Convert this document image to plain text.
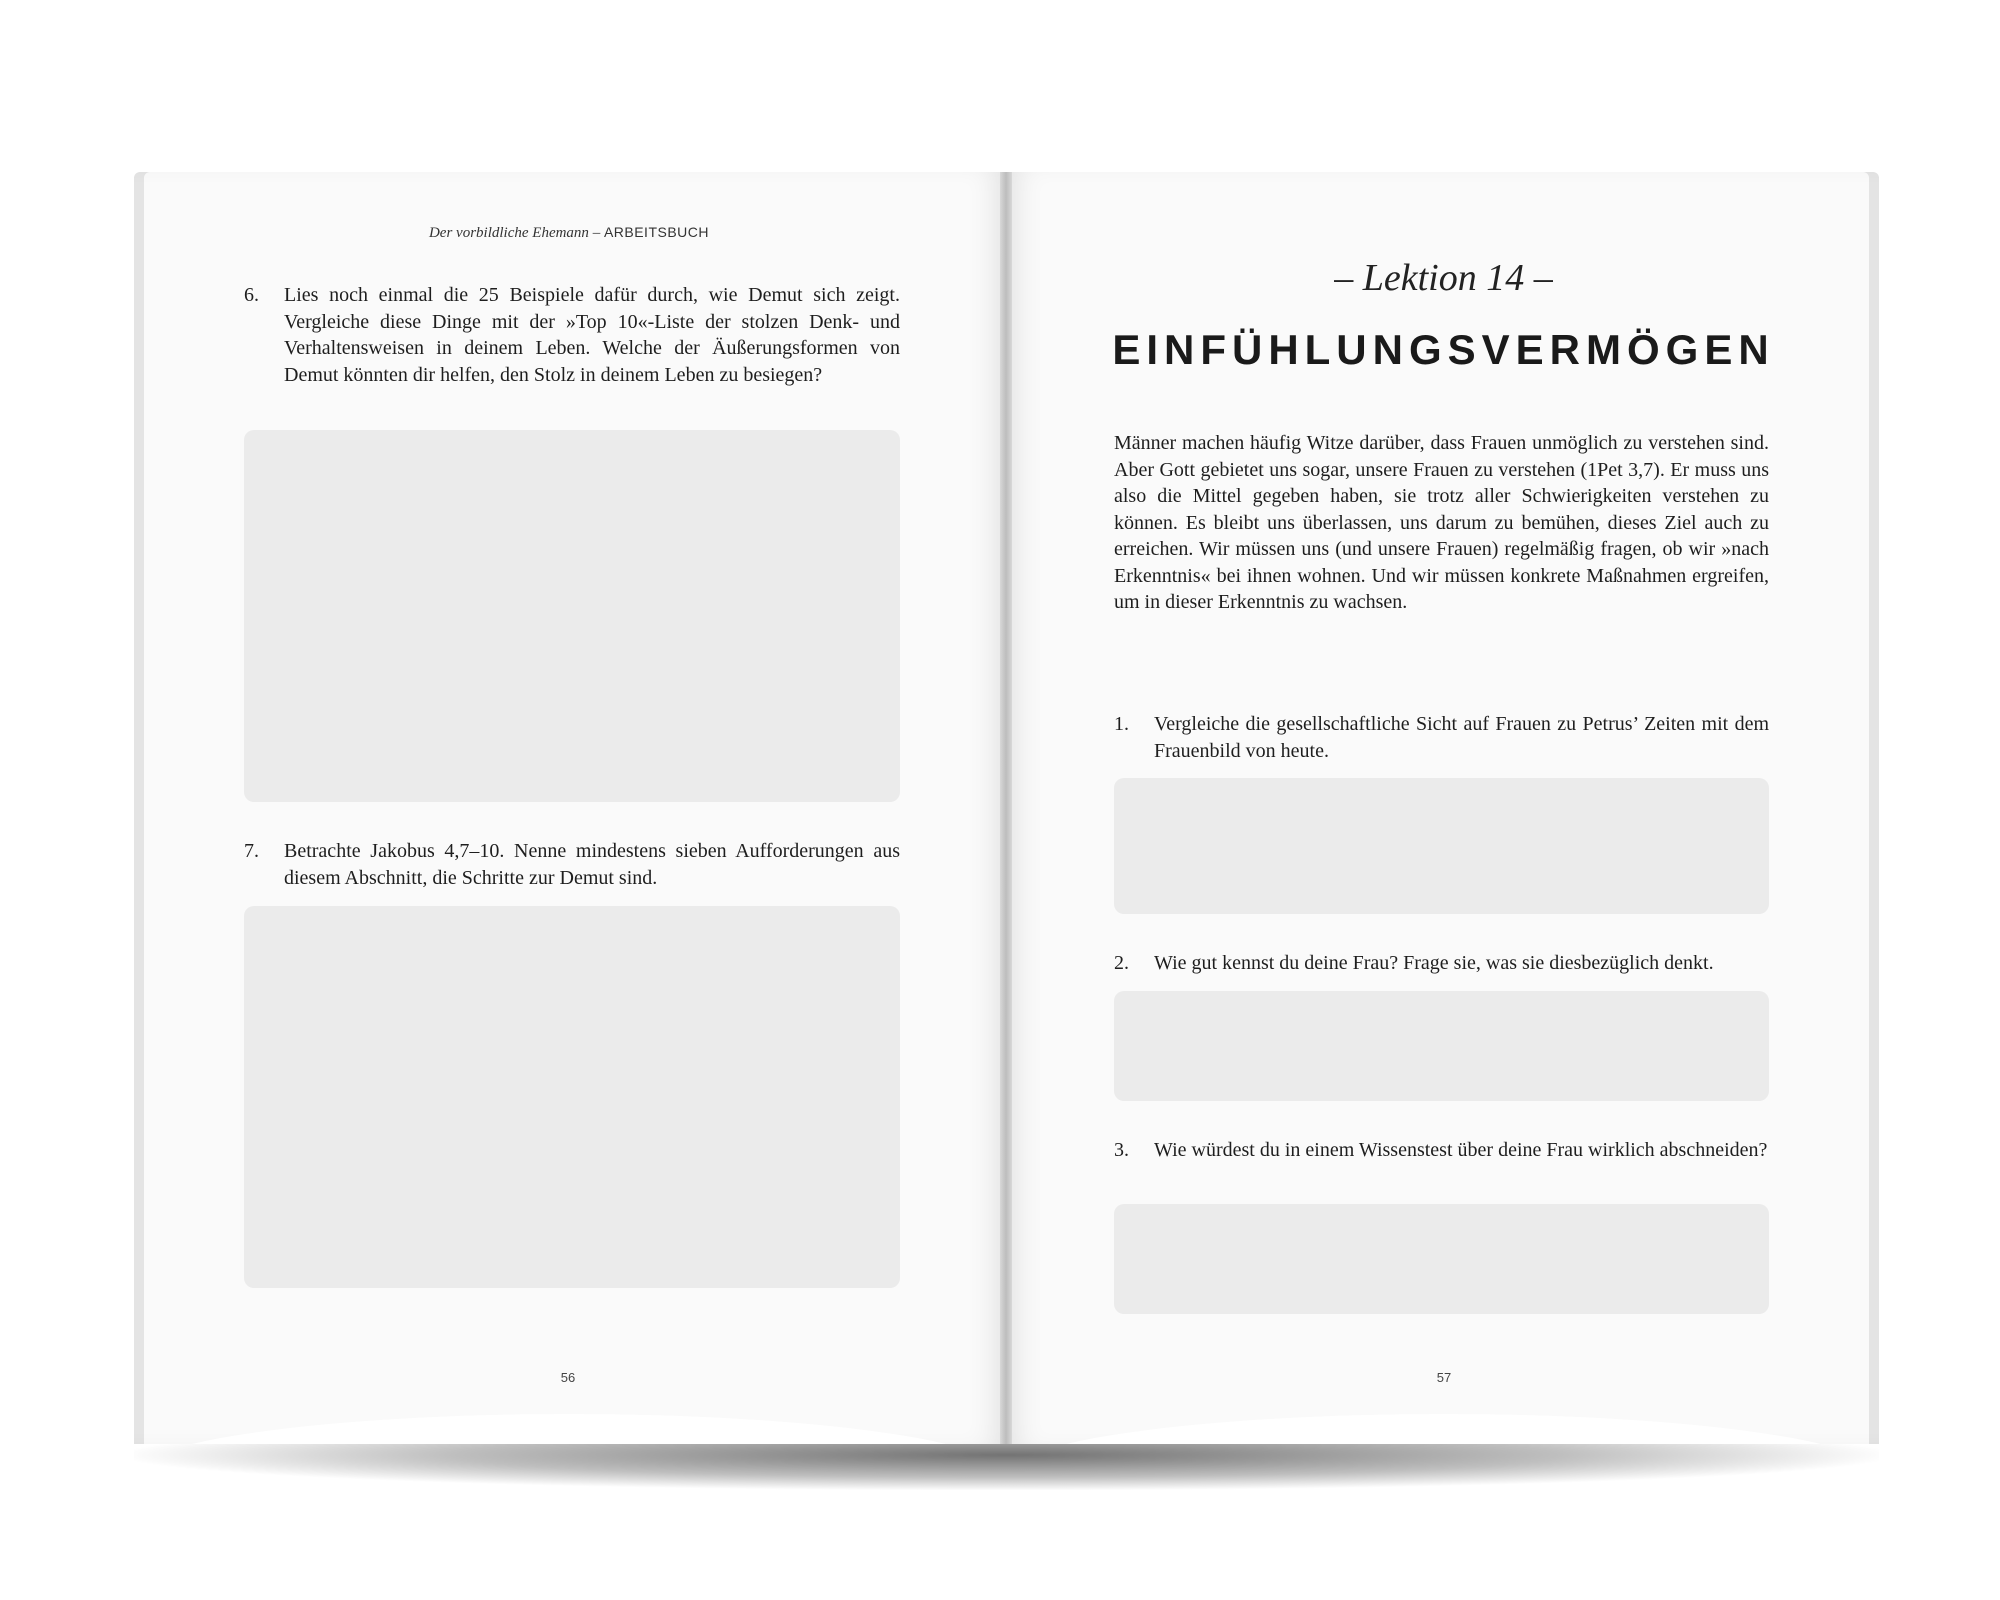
Der vorbildliche Ehemann – ARBEITSBUCH
6. Lies noch einmal die 25 Beispiele dafür durch, wie Demut sich zeigt. Vergleiche diese Dinge mit der »Top 10«-Liste der stolzen Denk- und Verhaltensweisen in deinem Leben. Welche der Äußerungsformen von Demut könnten dir helfen, den Stolz in deinem Leben zu besiegen?
7. Betrachte Jakobus 4,7–10. Nenne mindestens sieben Aufforderungen aus diesem Abschnitt, die Schritte zur Demut sind.
56
– Lektion 14 –
EINFÜHLUNGSVERMÖGEN
Männer machen häufig Witze darüber, dass Frauen unmöglich zu verstehen sind. Aber Gott gebietet uns sogar, unsere Frauen zu verstehen (1Pet 3,7). Er muss uns also die Mittel gegeben haben, sie trotz aller Schwierigkeiten verstehen zu können. Es bleibt uns überlassen, uns darum zu bemühen, dieses Ziel auch zu erreichen. Wir müssen uns (und unsere Frauen) regelmäßig fragen, ob wir »nach Erkenntnis« bei ihnen wohnen. Und wir müssen konkrete Maßnahmen ergreifen, um in dieser Erkenntnis zu wachsen.
1. Vergleiche die gesellschaftliche Sicht auf Frauen zu Petrus’ Zeiten mit dem Frauenbild von heute.
2. Wie gut kennst du deine Frau? Frage sie, was sie diesbezüglich denkt.
3. Wie würdest du in einem Wissenstest über deine Frau wirklich abschneiden?
57
